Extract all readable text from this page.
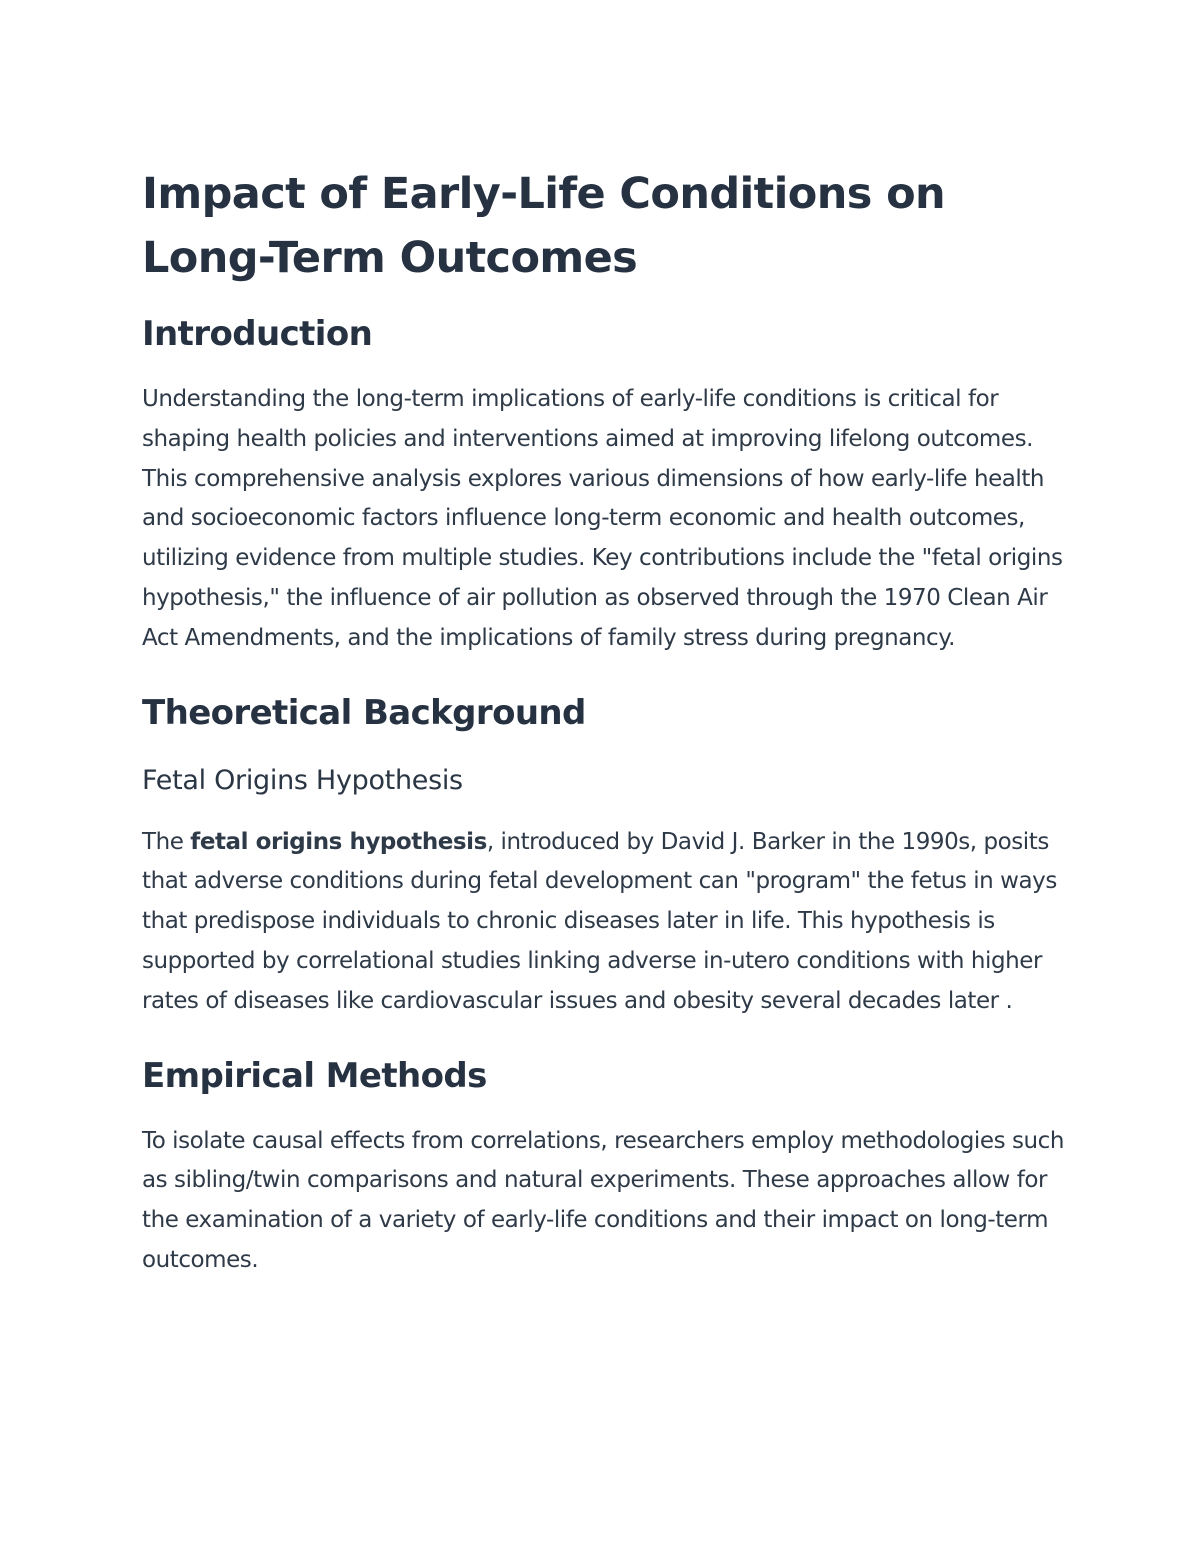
Impact of Early-Life Conditions on Long-Term Outcomes
Introduction

Understanding the long-term implications of early-life conditions is critical for shaping health policies and interventions aimed at improving lifelong outcomes. This comprehensive analysis explores various dimensions of how early-life health and socioeconomic factors influence long-term economic and health outcomes, utilizing evidence from multiple studies. Key contributions include the "fetal origins hypothesis," the influence of air pollution as observed through the 1970 Clean Air Act Amendments, and the implications of family stress during pregnancy.

Theoretical Background
Fetal Origins Hypothesis

The fetal origins hypothesis, introduced by David J. Barker in the 1990s, posits that adverse conditions during fetal development can "program" the fetus in ways that predispose individuals to chronic diseases later in life. This hypothesis is supported by correlational studies linking adverse in-utero conditions with higher rates of diseases like cardiovascular issues and obesity several decades later .

Empirical Methods

To isolate causal effects from correlations, researchers employ methodologies such as sibling/twin comparisons and natural experiments. These approaches allow for the examination of a variety of early-life conditions and their impact on long-term outcomes.
